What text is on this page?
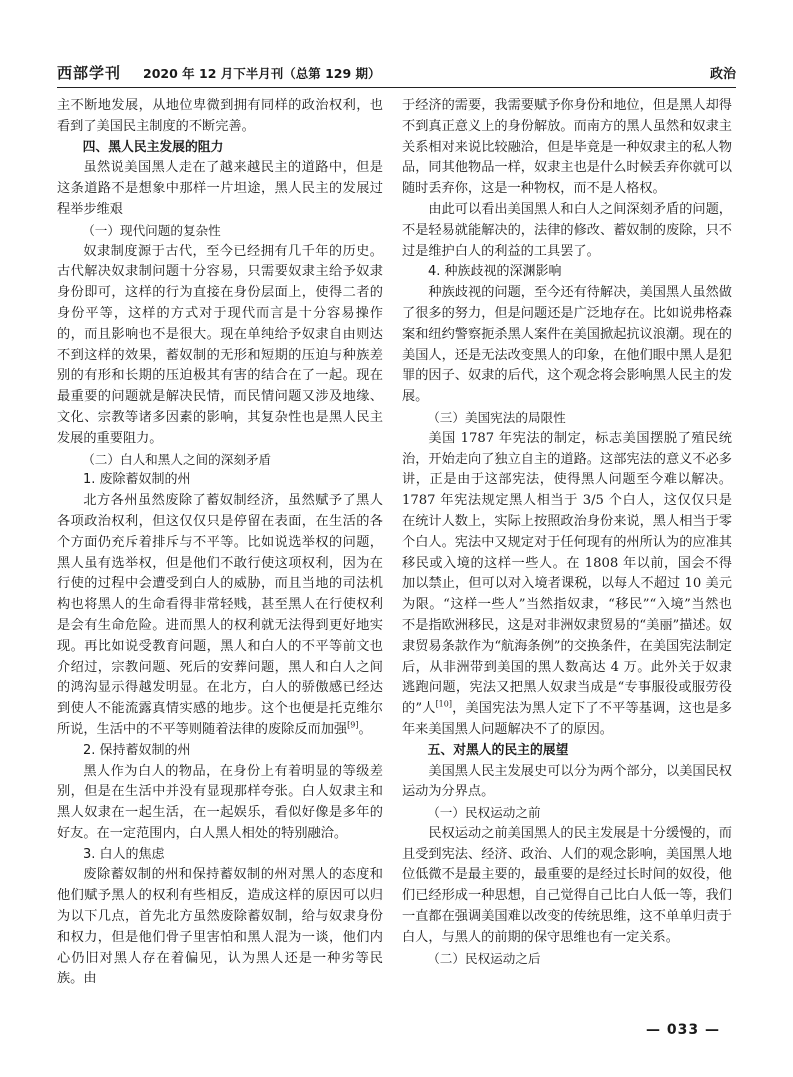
西部学刊 2020 年 12 月下半月刊（总第 129 期）	政治
主不断地发展，从地位卑微到拥有同样的政治权利，也看到了美国民主制度的不断完善。
四、黑人民主发展的阻力
虽然说美国黑人走在了越来越民主的道路中，但是这条道路不是想象中那样一片坦途，黑人民主的发展过程举步维艰
（一）现代问题的复杂性
奴隶制度源于古代，至今已经拥有几千年的历史。古代解决奴隶制问题十分容易，只需要奴隶主给予奴隶身份即可，这样的行为直接在身份层面上，使得二者的身份平等，这样的方式对于现代而言是十分容易操作的，而且影响也不是很大。现在单纯给予奴隶自由则达不到这样的效果，蓄奴制的无形和短期的压迫与种族差别的有形和长期的压迫极其有害的结合在了一起。现在最重要的问题就是解决民情，而民情问题又涉及地缘、文化、宗教等诸多因素的影响，其复杂性也是黑人民主发展的重要阻力。
（二）白人和黑人之间的深刻矛盾
1. 废除蓄奴制的州
北方各州虽然废除了蓄奴制经济，虽然赋予了黑人各项政治权利，但这仅仅只是停留在表面，在生活的各个方面仍充斥着排斥与不平等。比如说选举权的问题，黑人虽有选举权，但是他们不敢行使这项权利，因为在行使的过程中会遭受到白人的威胁，而且当地的司法机构也将黑人的生命看得非常轻贱，甚至黑人在行使权利是会有生命危险。进而黑人的权利就无法得到更好地实现。再比如说受教育问题，黑人和白人的不平等前文也介绍过，宗教问题、死后的安葬问题，黑人和白人之间的鸿沟显示得越发明显。在北方，白人的骄傲感已经达到使人不能流露真情实感的地步。这个也便是托克维尔所说，生活中的不平等则随着法律的废除反而加强[9]。
2. 保持蓄奴制的州
黑人作为白人的物品，在身份上有着明显的等级差别，但是在生活中并没有显现那样夸张。白人奴隶主和黑人奴隶在一起生活，在一起娱乐，看似好像是多年的好友。在一定范围内，白人黑人相处的特别融洽。
3. 白人的焦虑
废除蓄奴制的州和保持蓄奴制的州对黑人的态度和他们赋予黑人的权利有些相反，造成这样的原因可以归为以下几点，首先北方虽然废除蓄奴制，给与奴隶身份和权力，但是他们骨子里害怕和黑人混为一谈，他们内心仍旧对黑人存在着偏见，认为黑人还是一种劣等民族。由
于经济的需要，我需要赋予你身份和地位，但是黑人却得不到真正意义上的身份解放。而南方的黑人虽然和奴隶主关系相对来说比较融洽，但是毕竟是一种奴隶主的私人物品，同其他物品一样，奴隶主也是什么时候丢弃你就可以随时丢弃你，这是一种物权，而不是人格权。
由此可以看出美国黑人和白人之间深刻矛盾的问题，不是轻易就能解决的，法律的修改、蓄奴制的废除，只不过是维护白人的利益的工具罢了。
4. 种族歧视的深渊影响
种族歧视的问题，至今还有待解决，美国黑人虽然做了很多的努力，但是问题还是广泛地存在。比如说弗格森案和纽约警察扼杀黑人案件在美国掀起抗议浪潮。现在的美国人，还是无法改变黑人的印象，在他们眼中黑人是犯罪的因子、奴隶的后代，这个观念将会影响黑人民主的发展。
（三）美国宪法的局限性
美国 1787 年宪法的制定，标志美国摆脱了殖民统治，开始走向了独立自主的道路。这部宪法的意义不必多讲，正是由于这部宪法，使得黑人问题至今难以解决。1787 年宪法规定黑人相当于 3/5 个白人，这仅仅只是在统计人数上，实际上按照政治身份来说，黑人相当于零个白人。宪法中又规定对于任何现有的州所认为的应准其移民或入境的这样一些人。在 1808 年以前，国会不得加以禁止，但可以对入境者课税，以每人不超过 10 美元为限。“这样一些人”当然指奴隶，“移民”“入境”当然也不是指欧洲移民，这是对非洲奴隶贸易的“美丽”描述。奴隶贸易条款作为“航海条例”的交换条件，在美国宪法制定后，从非洲带到美国的黑人数高达 4 万。此外关于奴隶逃跑问题，宪法又把黑人奴隶当成是“专事服役或服劳役的”人[10]，美国宪法为黑人定下了不平等基调，这也是多年来美国黑人问题解决不了的原因。
五、对黑人的民主的展望
美国黑人民主发展史可以分为两个部分，以美国民权运动为分界点。
（一）民权运动之前
民权运动之前美国黑人的民主发展是十分缓慢的，而且受到宪法、经济、政治、人们的观念影响，美国黑人地位低微不是最主要的，最重要的是经过长时间的奴役，他们已经形成一种思想，自己觉得自己比白人低一等，我们一直都在强调美国难以改变的传统思维，这不单单归责于白人，与黑人的前期的保守思维也有一定关系。
（二）民权运动之后
— 033 —
